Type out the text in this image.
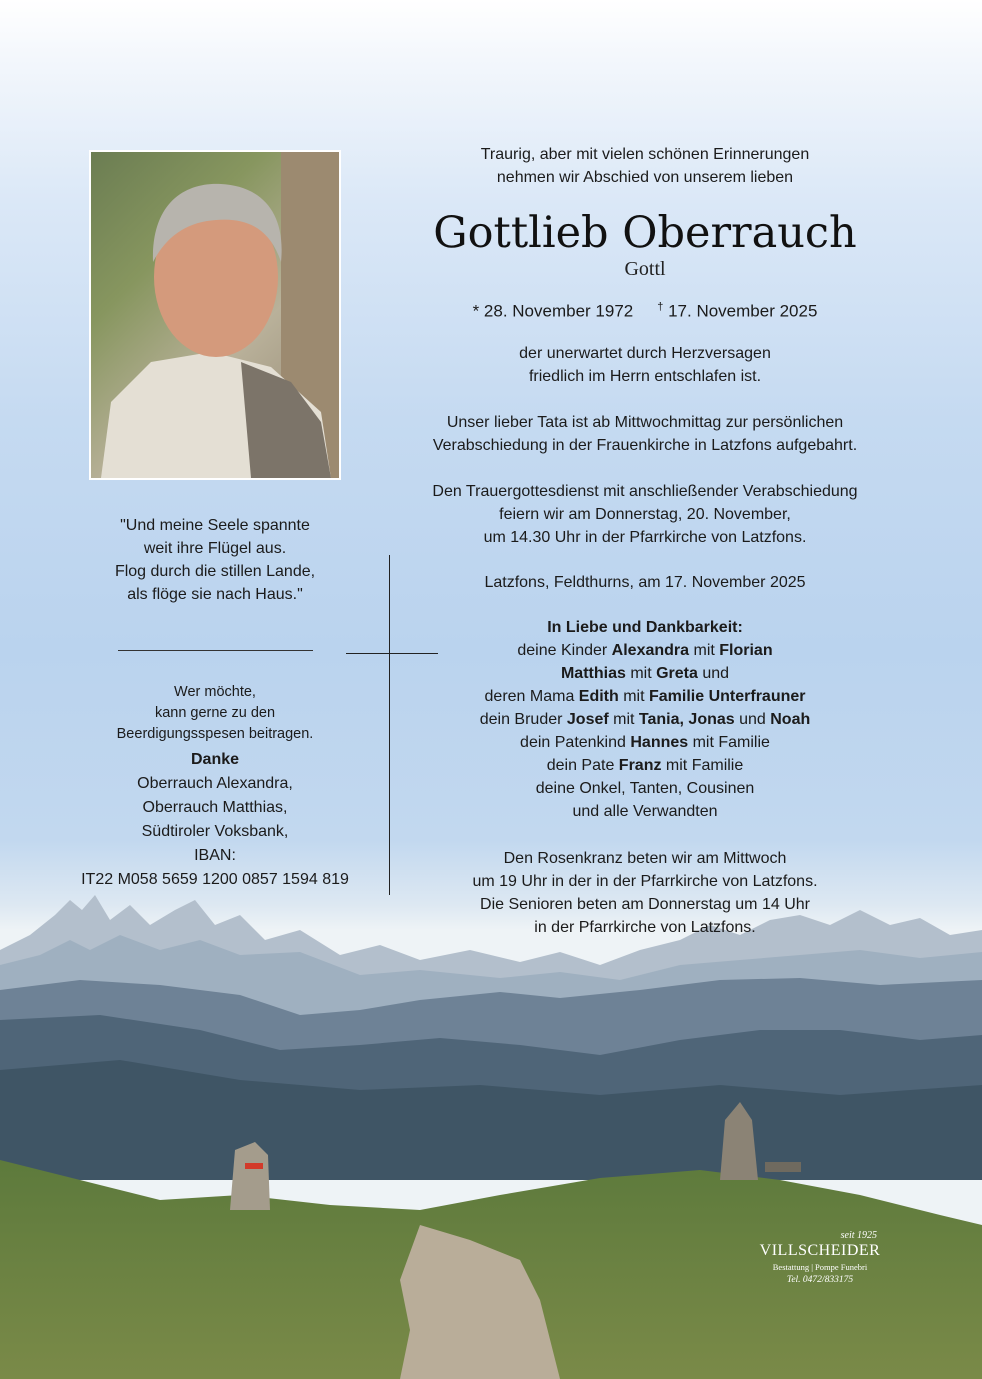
Traurig, aber mit vielen schönen Erinnerungen

nehmen wir Abschied von unserem lieben

Gottlieb Oberrauch
Gottl
* 28. November 1972 † 17. November 2025

der unerwartet durch Herzversagen

friedlich im Herrn entschlafen ist.

Unser lieber Tata ist ab Mittwochmittag zur persönlichen

Verabschiedung in der Frauenkirche in Latzfons aufgebahrt.

Den Trauergottesdienst mit anschließender Verabschiedung

feiern wir am Donnerstag, 20. November,

um 14.30 Uhr in der Pfarrkirche von Latzfons.

Latzfons, Feldthurns, am 17. November 2025

In Liebe und Dankbarkeit:

deine Kinder Alexandra mit Florian

Matthias mit Greta und

deren Mama Edith mit Familie Unterfrauner

dein Bruder Josef mit Tania, Jonas und Noah

dein Patenkind Hannes mit Familie

dein Pate Franz mit Familie

deine Onkel, Tanten, Cousinen

und alle Verwandten

Den Rosenkranz beten wir am Mittwoch

um 19 Uhr in der in der Pfarrkirche von Latzfons.

Die Senioren beten am Donnerstag um 14 Uhr

in der Pfarrkirche von Latzfons.

"Und meine Seele spannte

weit ihre Flügel aus.

Flog durch die stillen Lande,

als flöge sie nach Haus."

Wer möchte,

kann gerne zu den

Beerdigungsspesen beitragen.

Danke

Oberrauch Alexandra,

Oberrauch Matthias,

Südtiroler Voksbank,

IBAN:

IT22 M058 5659 1200 0857 1594 819

seit 1925
VILLSCHEIDER
Bestattung | Pompe Funebri
Tel. 0472/833175
